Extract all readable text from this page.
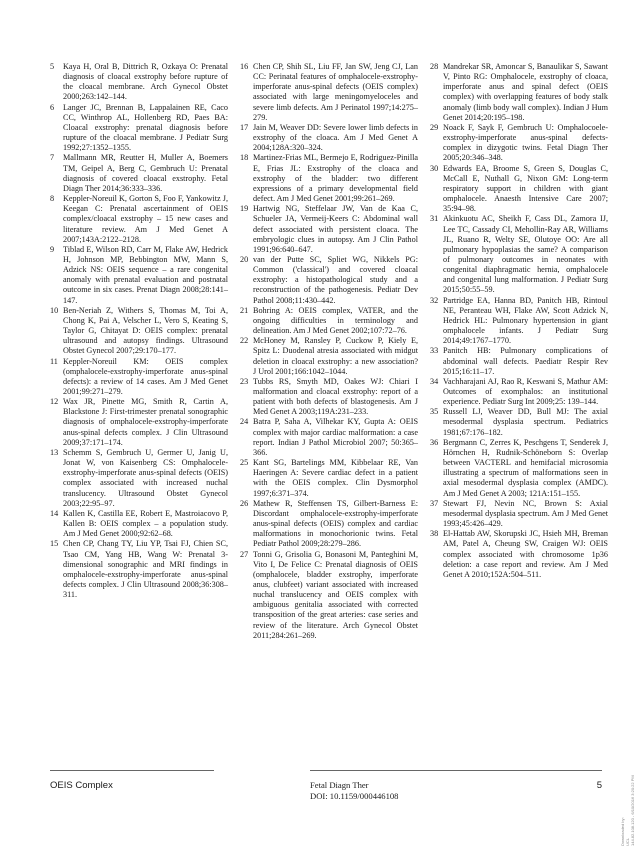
5	Kaya H, Oral B, Dittrich R, Ozkaya O: Prenatal diagnosis of cloacal exstrophy before rupture of the cloacal membrane. Arch Gynecol Obstet 2000;263:142–144.
6	Langer JC, Brennan B, Lappalainen RE, Caco CC, Winthrop AL, Hollenberg RD, Paes BA: Cloacal exstrophy: prenatal diagnosis before rupture of the cloacal membrane. J Pediatr Surg 1992;27:1352–1355.
7	Mallmann MR, Reutter H, Muller A, Boemers TM, Geipel A, Berg C, Gembruch U: Prenatal diagnosis of covered cloacal exstrophy. Fetal Diagn Ther 2014;36:333–336.
8	Keppler-Noreuil K, Gorton S, Foo F, Yankowitz J, Keegan C: Prenatal ascertainment of OEIS complex/cloacal exstrophy – 15 new cases and literature review. Am J Med Genet A 2007;143A:2122–2128.
9	Tiblad E, Wilson RD, Carr M, Flake AW, Hedrick H, Johnson MP, Bebbington MW, Mann S, Adzick NS: OEIS sequence – a rare congenital anomaly with prenatal evaluation and postnatal outcome in six cases. Prenat Diagn 2008;28:141–147.
10 Ben-Neriah Z, Withers S, Thomas M, Toi A, Chong K, Pai A, Velscher L, Vero S, Keating S, Taylor G, Chitayat D: OEIS complex: prenatal ultrasound and autopsy findings. Ultrasound Obstet Gynecol 2007;29:170–177.
11 Keppler-Noreuil KM: OEIS complex (omphalocele-exstrophy-imperforate anus-spinal defects): a review of 14 cases. Am J Med Genet 2001;99:271–279.
12 Wax JR, Pinette MG, Smith R, Cartin A, Blackstone J: First-trimester prenatal sonographic diagnosis of omphalocele-exstrophy-imperforate anus-spinal defects complex. J Clin Ultrasound 2009;37:171–174.
13 Schemm S, Gembruch U, Germer U, Janig U, Jonat W, von Kaisenberg CS: Omphalocele-exstrophy-imperforate anus-spinal defects (OEIS) complex associated with increased nuchal translucency. Ultrasound Obstet Gynecol 2003;22:95–97.
14 Kallen K, Castilla EE, Robert E, Mastroiacovo P, Kallen B: OEIS complex – a population study. Am J Med Genet 2000;92:62–68.
15 Chen CP, Chang TY, Liu YP, Tsai FJ, Chien SC, Tsao CM, Yang HB, Wang W: Prenatal 3-dimensional sonographic and MRI findings in omphalocele-exstrophy-imperforate anus-spinal defects complex. J Clin Ultrasound 2008;36:308–311.
16 Chen CP, Shih SL, Liu FF, Jan SW, Jeng CJ, Lan CC: Perinatal features of omphalocele-exstrophy-imperforate anus-spinal defects (OEIS complex) associated with large meningomyeloceles and severe limb defects. Am J Perinatol 1997;14:275–279.
17 Jain M, Weaver DD: Severe lower limb defects in exstrophy of the cloaca. Am J Med Genet A 2004;128A:320–324.
18 Martinez-Frias ML, Bermejo E, Rodriguez-Pinilla E, Frias JL: Exstrophy of the cloaca and exstrophy of the bladder: two different expressions of a primary developmental field defect. Am J Med Genet 2001;99:261–269.
19 Hartwig NG, Steffelaar JW, Van de Kaa C, Schueler JA, Vermeij-Keers C: Abdominal wall defect associated with persistent cloaca. The embryologic clues in autopsy. Am J Clin Pathol 1991;96:640–647.
20 van der Putte SC, Spliet WG, Nikkels PG: Common ('classical') and covered cloacal exstrophy: a histopathological study and a reconstruction of the pathogenesis. Pediatr Dev Pathol 2008;11:430–442.
21 Bohring A: OEIS complex, VATER, and the ongoing difficulties in terminology and delineation. Am J Med Genet 2002;107:72–76.
22 McHoney M, Ransley P, Cuckow P, Kiely E, Spitz L: Duodenal atresia associated with midgut deletion in cloacal exstrophy: a new association? J Urol 2001;166:1042–1044.
23 Tubbs RS, Smyth MD, Oakes WJ: Chiari I malformation and cloacal exstrophy: report of a patient with both defects of blastogenesis. Am J Med Genet A 2003;119A:231–233.
24 Batra P, Saha A, Vilhekar KY, Gupta A: OEIS complex with major cardiac malformation: a case report. Indian J Pathol Microbiol 2007; 50:365–366.
25 Kant SG, Bartelings MM, Kibbelaar RE, Van Haeringen A: Severe cardiac defect in a patient with the OEIS complex. Clin Dysmorphol 1997;6:371–374.
26 Mathew R, Steffensen TS, Gilbert-Barness E: Discordant omphalocele-exstrophy-imperforate anus-spinal defects (OEIS) complex and cardiac malformations in monochorionic twins. Fetal Pediatr Pathol 2009;28:279–286.
27 Tonni G, Grisolia G, Bonasoni M, Panteghini M, Vito I, De Felice C: Prenatal diagnosis of OEIS (omphalocele, bladder exstrophy, imperforate anus, clubfeet) variant associated with increased nuchal translucency and OEIS complex with ambiguous genitalia associated with corrected transposition of the great arteries: case series and review of the literature. Arch Gynecol Obstet 2011;284:261–269.
28 Mandrekar SR, Amoncar S, Banaulikar S, Sawant V, Pinto RG: Omphalocele, exstrophy of cloaca, imperforate anus and spinal defect (OEIS complex) with overlapping features of body stalk anomaly (limb body wall complex). Indian J Hum Genet 2014;20:195–198.
29 Noack F, Sayk F, Gembruch U: Omphalocoele-exstrophy-imperforate anus-spinal defects-complex in dizygotic twins. Fetal Diagn Ther 2005;20:346–348.
30 Edwards EA, Broome S, Green S, Douglas C, McCall E, Nuthall G, Nixon GM: Long-term respiratory support in children with giant omphalocele. Anaesth Intensive Care 2007; 35:94–98.
31 Akinkuotu AC, Sheikh F, Cass DL, Zamora IJ, Lee TC, Cassady CI, Mehollin-Ray AR, Williams JL, Ruano R, Welty SE, Olutoye OO: Are all pulmonary hypoplasias the same? A comparison of pulmonary outcomes in neonates with congenital diaphragmatic hernia, omphalocele and congenital lung malformation. J Pediatr Surg 2015;50:55–59.
32 Partridge EA, Hanna BD, Panitch HB, Rintoul NE, Peranteau WH, Flake AW, Scott Adzick N, Hedrick HL: Pulmonary hypertension in giant omphalocele infants. J Pediatr Surg 2014;49:1767–1770.
33 Panitch HB: Pulmonary complications of abdominal wall defects. Paediatr Respir Rev 2015;16:11–17.
34 Vachharajani AJ, Rao R, Keswani S, Mathur AM: Outcomes of exomphalos: an institutional experience. Pediatr Surg Int 2009;25: 139–144.
35 Russell LJ, Weaver DD, Bull MJ: The axial mesodermal dysplasia spectrum. Pediatrics 1981;67:176–182.
36 Bergmann C, Zerres K, Peschgens T, Senderek J, Hörnchen H, Rudnik-Schöneborn S: Overlap between VACTERL and hemifacial microsomia illustrating a spectrum of malformations seen in axial mesodermal dysplasia complex (AMDC). Am J Med Genet A 2003; 121A:151–155.
37 Stewart FJ, Nevin NC, Brown S: Axial mesodermal dysplasia spectrum. Am J Med Genet 1993;45:426–429.
38 El-Hattab AW, Skorupski JC, Hsieh MH, Breman AM, Patel A, Cheung SW, Craigen WJ: OEIS complex associated with chromosome 1p36 deletion: a case report and review. Am J Med Genet A 2010;152A:504–511.
OEIS Complex	Fetal Diagn Ther
DOI: 10.1159/000446108
5
Downloaded by: UCL 144.82.108.120 - 6/10/2016 3:20:22 PM
